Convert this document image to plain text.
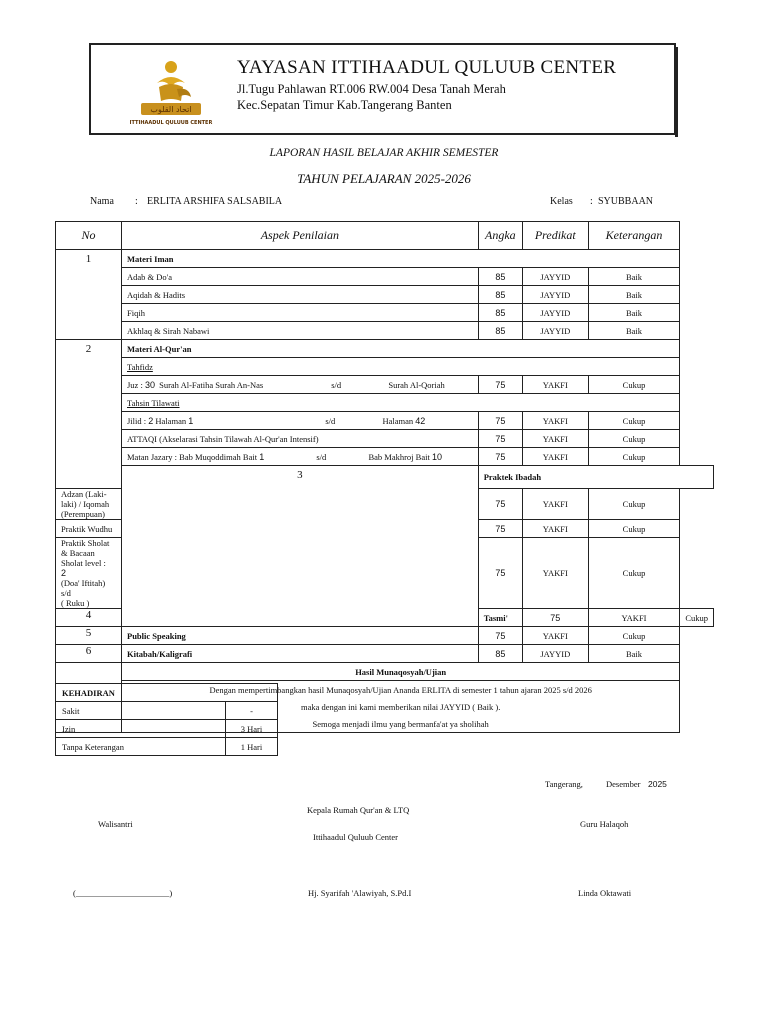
اتحاد القلوب
ITTIHAADUL QULUUB CENTER
YAYASAN ITTIHAADUL QULUUB CENTER
Jl.Tugu Pahlawan RT.006 RW.004 Desa Tanah Merah
Kec.Sepatan Timur Kab.Tangerang Banten
LAPORAN HASIL BELAJAR AKHIR SEMESTER
TAHUN PELAJARAN 2025-2026
Nama : ERLITA ARSHIFA SALSABILA	Kelas : SYUBBAAN
No	Aspek Penilaian	Angka	Predikat	Keterangan	
1	Materi Iman				
	Adab & Do'a	85	JAYYID	Baik	
	Aqidah & Hadits	85	JAYYID	Baik	
	Fiqih	85	JAYYID	Baik	
	Akhlaq & Sirah Nabawi	85	JAYYID	Baik	
2	Materi Al-Qur'an				
	Tahfidz				
	Juz : 30 Surah Al-Fatiha Surah An-Nas s/d Surah Al-Qoriah	75	YAKFI	Cukup	
	Tahsin Tilawati				
	Jilid : 2 Halaman 1 s/d Halaman 42	75	YAKFI	Cukup	
	ATTAQI (Akselarasi Tahsin Tilawah Al-Qur'an Intensif)	75	YAKFI	Cukup	
	Matan Jazary : Bab Muqoddimah Bait 1 s/d Bab Makhroj Bait 10	75	YAKFI	Cukup	
	3	Praktek Ibadah			
Adzan (Laki-laki) / Iqomah (Perempuan)		75	YAKFI	Cukup	
Praktik Wudhu		75	YAKFI	Cukup	
Praktik Sholat & Bacaan Sholat level : 2 (Doa' Iftitah) s/d ( Ruku )		75	YAKFI	Cukup	
4		Tasmi'	75	YAKFI	Cukup
5	Public Speaking	75	YAKFI	Cukup	
6	Kitabah/Kaligrafi	85	JAYYID	Baik	
	Hasil Munaqosyah/Ujian				
	Dengan mempertimbangkan hasil Munaqosyah/Ujian Ananda ERLITA di semester 1 tahun ajaran 2025 s/d 2026				
	maka dengan ini kami memberikan nilai JAYYID ( Baik ).				
	Semoga menjadi ilmu yang bermanfa'at ya sholihah				
KEHADIRAN	
Sakit	-
Izin	3 Hari
Tanpa Keterangan	1 Hari
Tangerang,	Desember 2025
Kepala Rumah Qur'an & LTQ
Walisantri	Guru Halaqoh
Ittihaadul Quluub Center
(______________________)	Hj. Syarifah 'Alawiyah, S.Pd.I	Linda Oktawati
